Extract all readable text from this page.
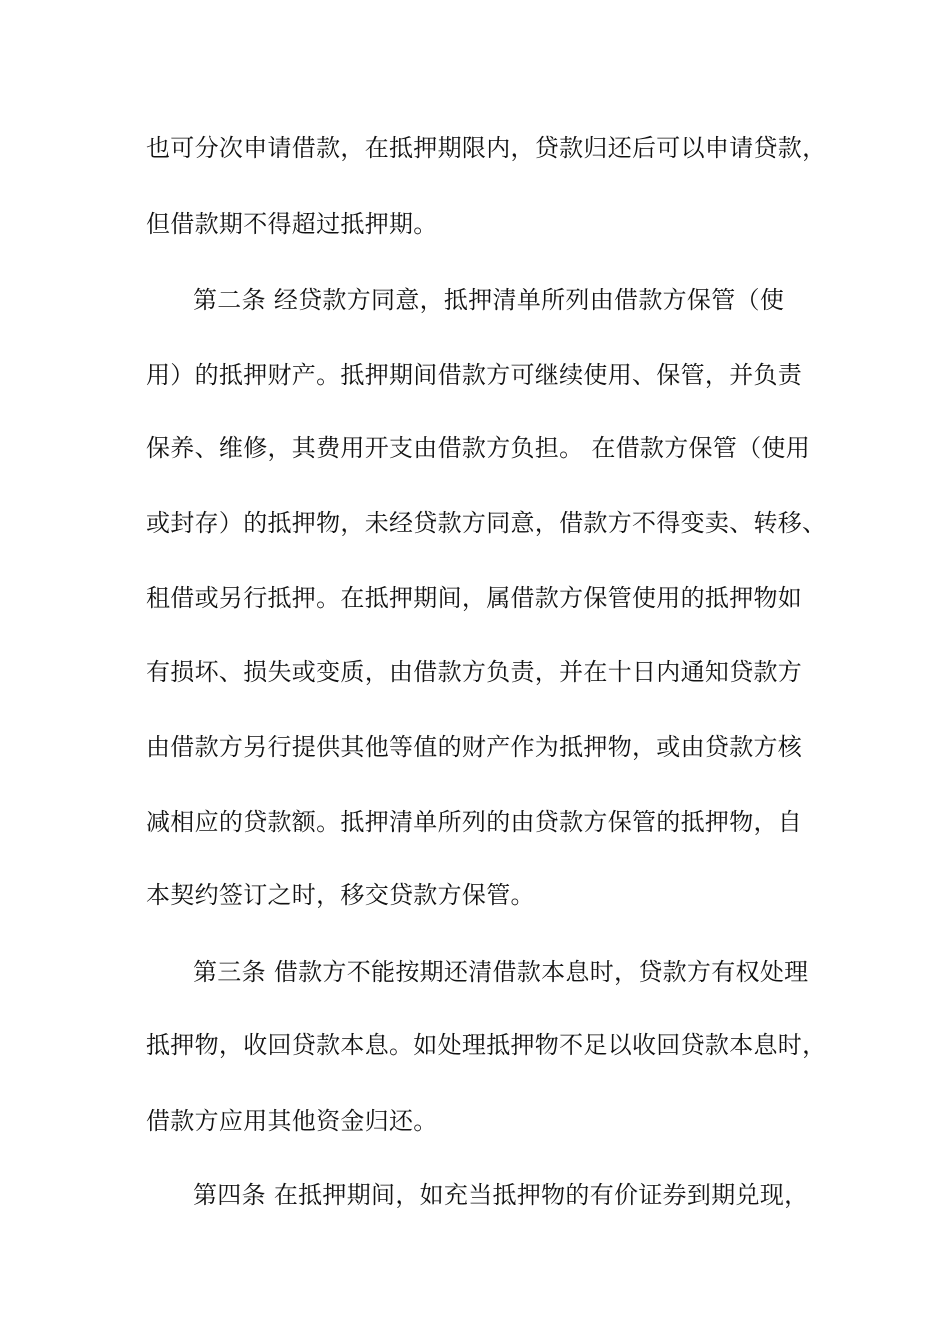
也可分次申请借款，在抵押期限内，贷款归还后可以申请贷款，
但借款期不得超过抵押期。
第二条 经贷款方同意，抵押清单所列由借款方保管（使
用）的抵押财产。抵押期间借款方可继续使用、保管，并负责
保养、维修，其费用开支由借款方负担。 在借款方保管（使用
或封存）的抵押物，未经贷款方同意，借款方不得变卖、转移、
租借或另行抵押。在抵押期间，属借款方保管使用的抵押物如
有损坏、损失或变质，由借款方负责，并在十日内通知贷款方
由借款方另行提供其他等值的财产作为抵押物，或由贷款方核
减相应的贷款额。抵押清单所列的由贷款方保管的抵押物，自
本契约签订之时，移交贷款方保管。
第三条 借款方不能按期还清借款本息时，贷款方有权处理
抵押物，收回贷款本息。如处理抵押物不足以收回贷款本息时，
借款方应用其他资金归还。
第四条 在抵押期间，如充当抵押物的有价证券到期兑现，
